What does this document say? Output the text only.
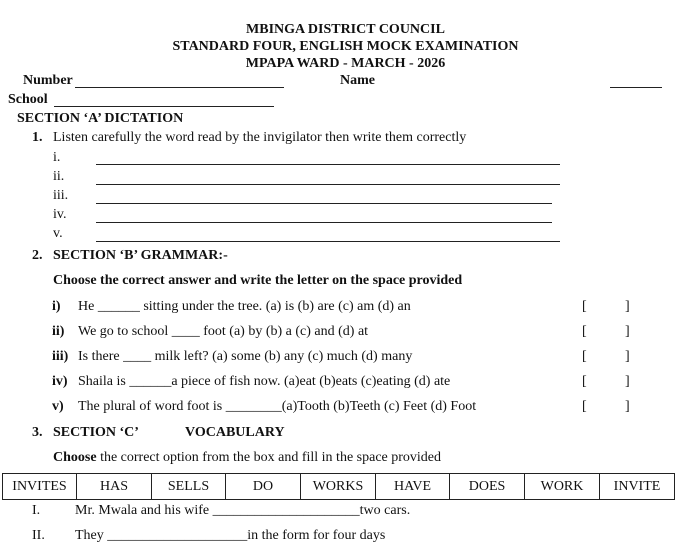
MBINGA DISTRICT COUNCIL
STANDARD FOUR, ENGLISH MOCK EXAMINATION
MPAPA WARD - MARCH - 2026
Number	Name
School
SECTION ‘A’ DICTATION
1. Listen carefully the word read by the invigilator then write them correctly
i.
ii.
iii.
iv.
v.
2. SECTION ‘B’ GRAMMAR:-
Choose the correct answer and write the letter on the space provided
i) He ______ sitting under the tree. (a) is (b) are (c) am (d) an	[	]
ii) We go to school ____ foot (a) by (b) a (c) and (d) at	[	]
iii) Is there ____ milk left? (a) some (b) any (c) much (d) many	[	]
iv) Shaila is ______a piece of fish now. (a)eat (b)eats (c)eating (d) ate	[	]
v) The plural of word foot is ________(a)Tooth (b)Teeth (c) Feet (d) Foot	[	]
3. SECTION ‘C’	VOCABULARY
Choose the correct option from the box and fill in the space provided
INVITES	HAS	SELLS	DO	WORKS	HAVE	DOES	WORK	INVITE
I. Mr. Mwala and his wife _____________________two cars.
II. They ____________________in the form for four days
